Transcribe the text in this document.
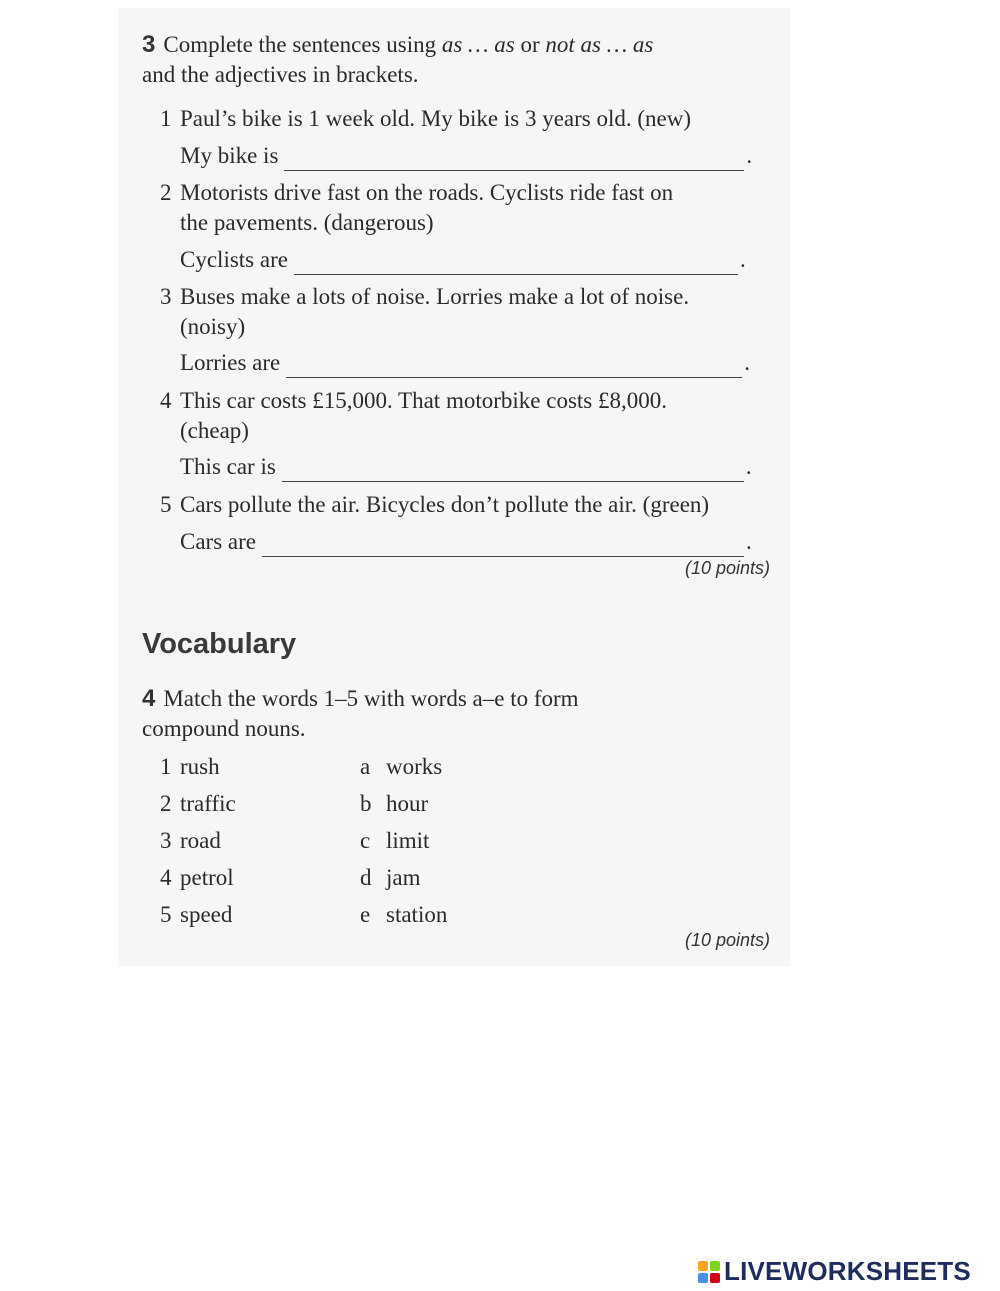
3 Complete the sentences using as … as or not as … as
and the adjectives in brackets.
1 Paul’s bike is 1 week old. My bike is 3 years old. (new)
My bike is	.
2 Motorists drive fast on the roads. Cyclists ride fast on
the pavements. (dangerous)
Cyclists are	.
3 Buses make a lots of noise. Lorries make a lot of noise.
(noisy)
Lorries are	.
4 This car costs £15,000. That motorbike costs £8,000.
(cheap)
This car is	.
5 Cars pollute the air. Bicycles don’t pollute the air. (green)
Cars are	.
(10 points)
Vocabulary
4 Match the words 1–5 with words a–e to form
compound nouns.
1 rush	a works
2 traffic	b hour
3 road	c limit
4 petrol	d jam
5 speed	e station
(10 points)
LIVEWORKSHEETS
